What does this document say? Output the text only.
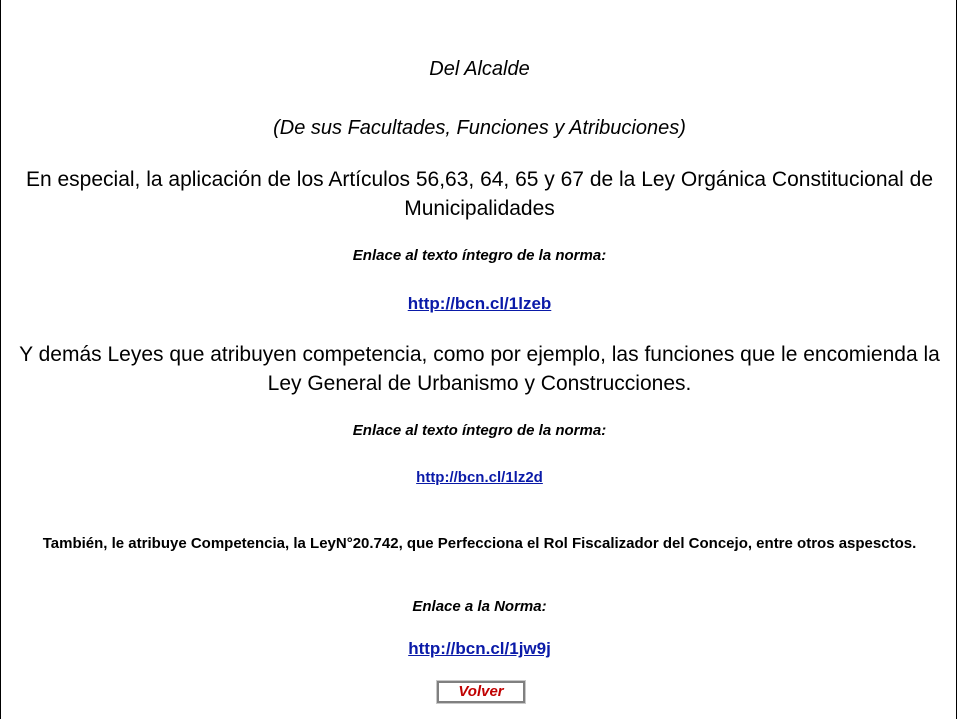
Del Alcalde
(De sus Facultades, Funciones y Atribuciones)
En especial, la aplicación de los Artículos 56,63, 64, 65 y 67 de la Ley Orgánica Constitucional de Municipalidades
Enlace al texto íntegro de la norma:
http://bcn.cl/1lzeb
Y demás Leyes que atribuyen competencia, como por ejemplo, las funciones que le encomienda la Ley General de Urbanismo y Construcciones.
Enlace al texto íntegro de la norma:
http://bcn.cl/1lz2d
También, le atribuye Competencia, la LeyN°20.742, que Perfecciona el Rol Fiscalizador del Concejo, entre otros aspesctos.
Enlace a la Norma:
http://bcn.cl/1jw9j
Volver
